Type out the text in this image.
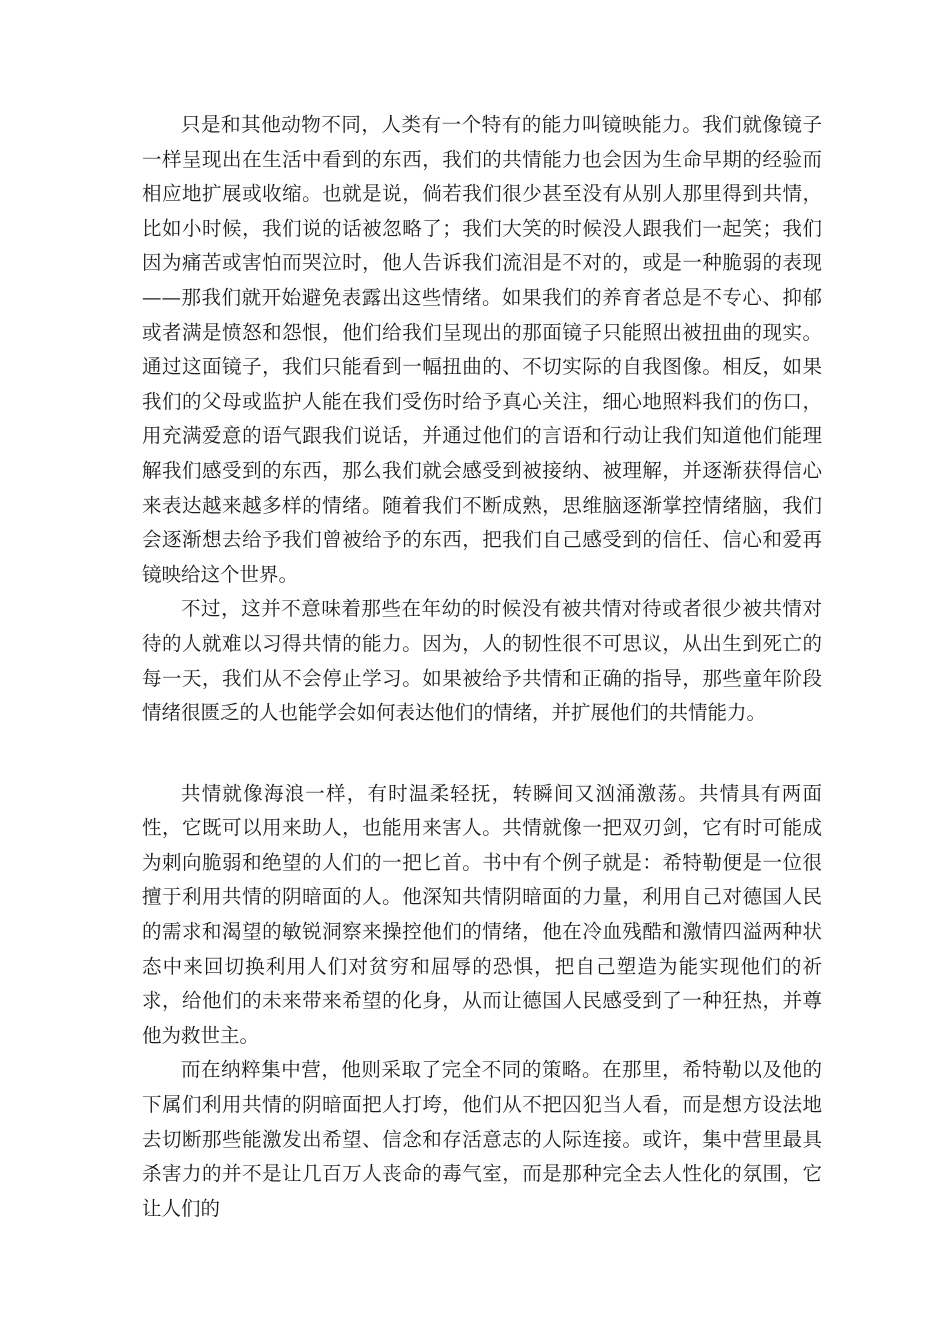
只是和其他动物不同，人类有一个特有的能力叫镜映能力。我们就像镜子一样呈现出在生活中看到的东西，我们的共情能力也会因为生命早期的经验而相应地扩展或收缩。也就是说，倘若我们很少甚至没有从别人那里得到共情，比如小时候，我们说的话被忽略了；我们大笑的时候没人跟我们一起笑；我们因为痛苦或害怕而哭泣时，他人告诉我们流泪是不对的，或是一种脆弱的表现——那我们就开始避免表露出这些情绪。如果我们的养育者总是不专心、抑郁或者满是愤怒和怨恨，他们给我们呈现出的那面镜子只能照出被扭曲的现实。通过这面镜子，我们只能看到一幅扭曲的、不切实际的自我图像。相反，如果我们的父母或监护人能在我们受伤时给予真心关注，细心地照料我们的伤口，用充满爱意的语气跟我们说话，并通过他们的言语和行动让我们知道他们能理解我们感受到的东西，那么我们就会感受到被接纳、被理解，并逐渐获得信心来表达越来越多样的情绪。随着我们不断成熟，思维脑逐渐掌控情绪脑，我们会逐渐想去给予我们曾被给予的东西，把我们自己感受到的信任、信心和爱再镜映给这个世界。

不过，这并不意味着那些在年幼的时候没有被共情对待或者很少被共情对待的人就难以习得共情的能力。因为，人的韧性很不可思议，从出生到死亡的每一天，我们从不会停止学习。如果被给予共情和正确的指导，那些童年阶段情绪很匮乏的人也能学会如何表达他们的情绪，并扩展他们的共情能力。

共情就像海浪一样，有时温柔轻抚，转瞬间又汹涌激荡。共情具有两面性，它既可以用来助人，也能用来害人。共情就像一把双刃剑，它有时可能成为刺向脆弱和绝望的人们的一把匕首。书中有个例子就是：希特勒便是一位很擅于利用共情的阴暗面的人。他深知共情阴暗面的力量，利用自己对德国人民的需求和渴望的敏锐洞察来操控他们的情绪，他在冷血残酷和激情四溢两种状态中来回切换利用人们对贫穷和屈辱的恐惧，把自己塑造为能实现他们的祈求，给他们的未来带来希望的化身，从而让德国人民感受到了一种狂热，并尊他为救世主。

而在纳粹集中营，他则采取了完全不同的策略。在那里，希特勒以及他的下属们利用共情的阴暗面把人打垮，他们从不把囚犯当人看，而是想方设法地去切断那些能激发出希望、信念和存活意志的人际连接。或许，集中营里最具杀害力的并不是让几百万人丧命的毒气室，而是那种完全去人性化的氛围，它让人们的
